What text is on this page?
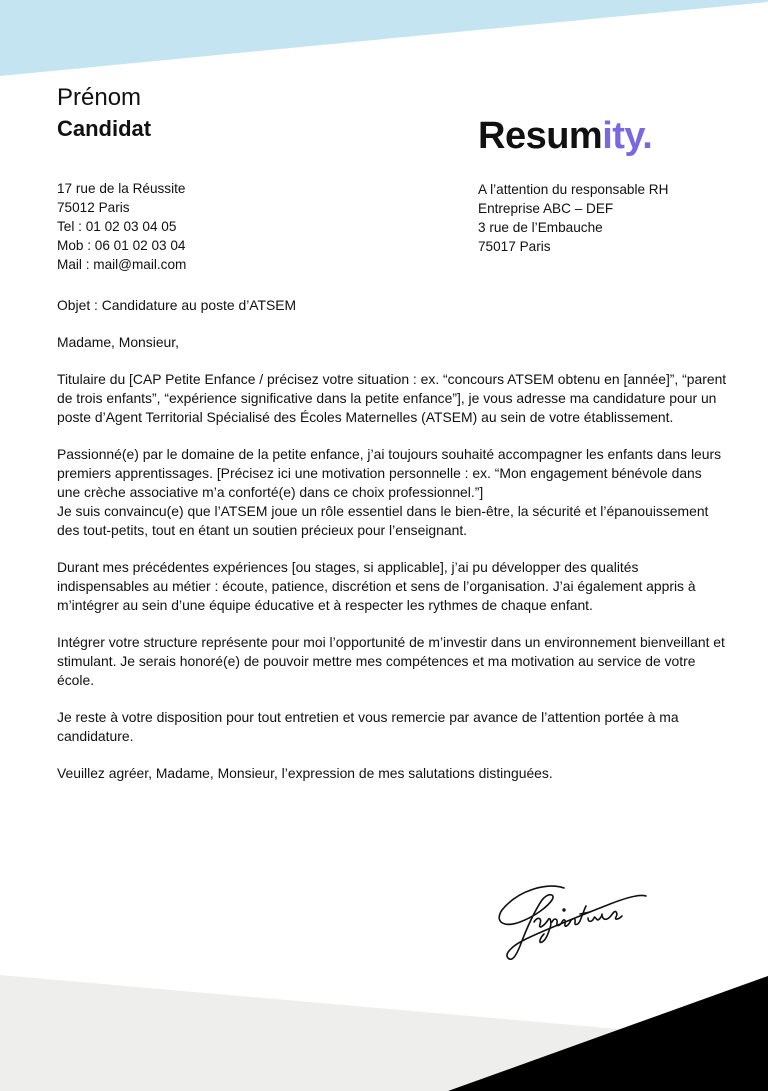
Prénom
Candidat	Resumity.
17 rue de la Réussite
75012 Paris
Tel : 01 02 03 04 05
Mob : 06 01 02 03 04
Mail : mail@mail.com
A l’attention du responsable RH
Entreprise ABC – DEF
3 rue de l’Embauche
75017 Paris

Objet : Candidature au poste d’ATSEM

Madame, Monsieur,

Titulaire du [CAP Petite Enfance / précisez votre situation : ex. “concours ATSEM obtenu en [année]”, “parent de trois enfants”, “expérience significative dans la petite enfance”], je vous adresse ma candidature pour un poste d’Agent Territorial Spécialisé des Écoles Maternelles (ATSEM) au sein de votre établissement.

Passionné(e) par le domaine de la petite enfance, j’ai toujours souhaité accompagner les enfants dans leurs premiers apprentissages. [Précisez ici une motivation personnelle : ex. “Mon engagement bénévole dans une crèche associative m’a conforté(e) dans ce choix professionnel.”]

Je suis convaincu(e) que l’ATSEM joue un rôle essentiel dans le bien-être, la sécurité et l’épanouissement des tout-petits, tout en étant un soutien précieux pour l’enseignant.

Durant mes précédentes expériences [ou stages, si applicable], j’ai pu développer des qualités indispensables au métier : écoute, patience, discrétion et sens de l’organisation. J’ai également appris à m’intégrer au sein d’une équipe éducative et à respecter les rythmes de chaque enfant.

Intégrer votre structure représente pour moi l’opportunité de m’investir dans un environnement bienveillant et stimulant. Je serais honoré(e) de pouvoir mettre mes compétences et ma motivation au service de votre école.

Je reste à votre disposition pour tout entretien et vous remercie par avance de l’attention portée à ma candidature.

Veuillez agréer, Madame, Monsieur, l’expression de mes salutations distinguées.
